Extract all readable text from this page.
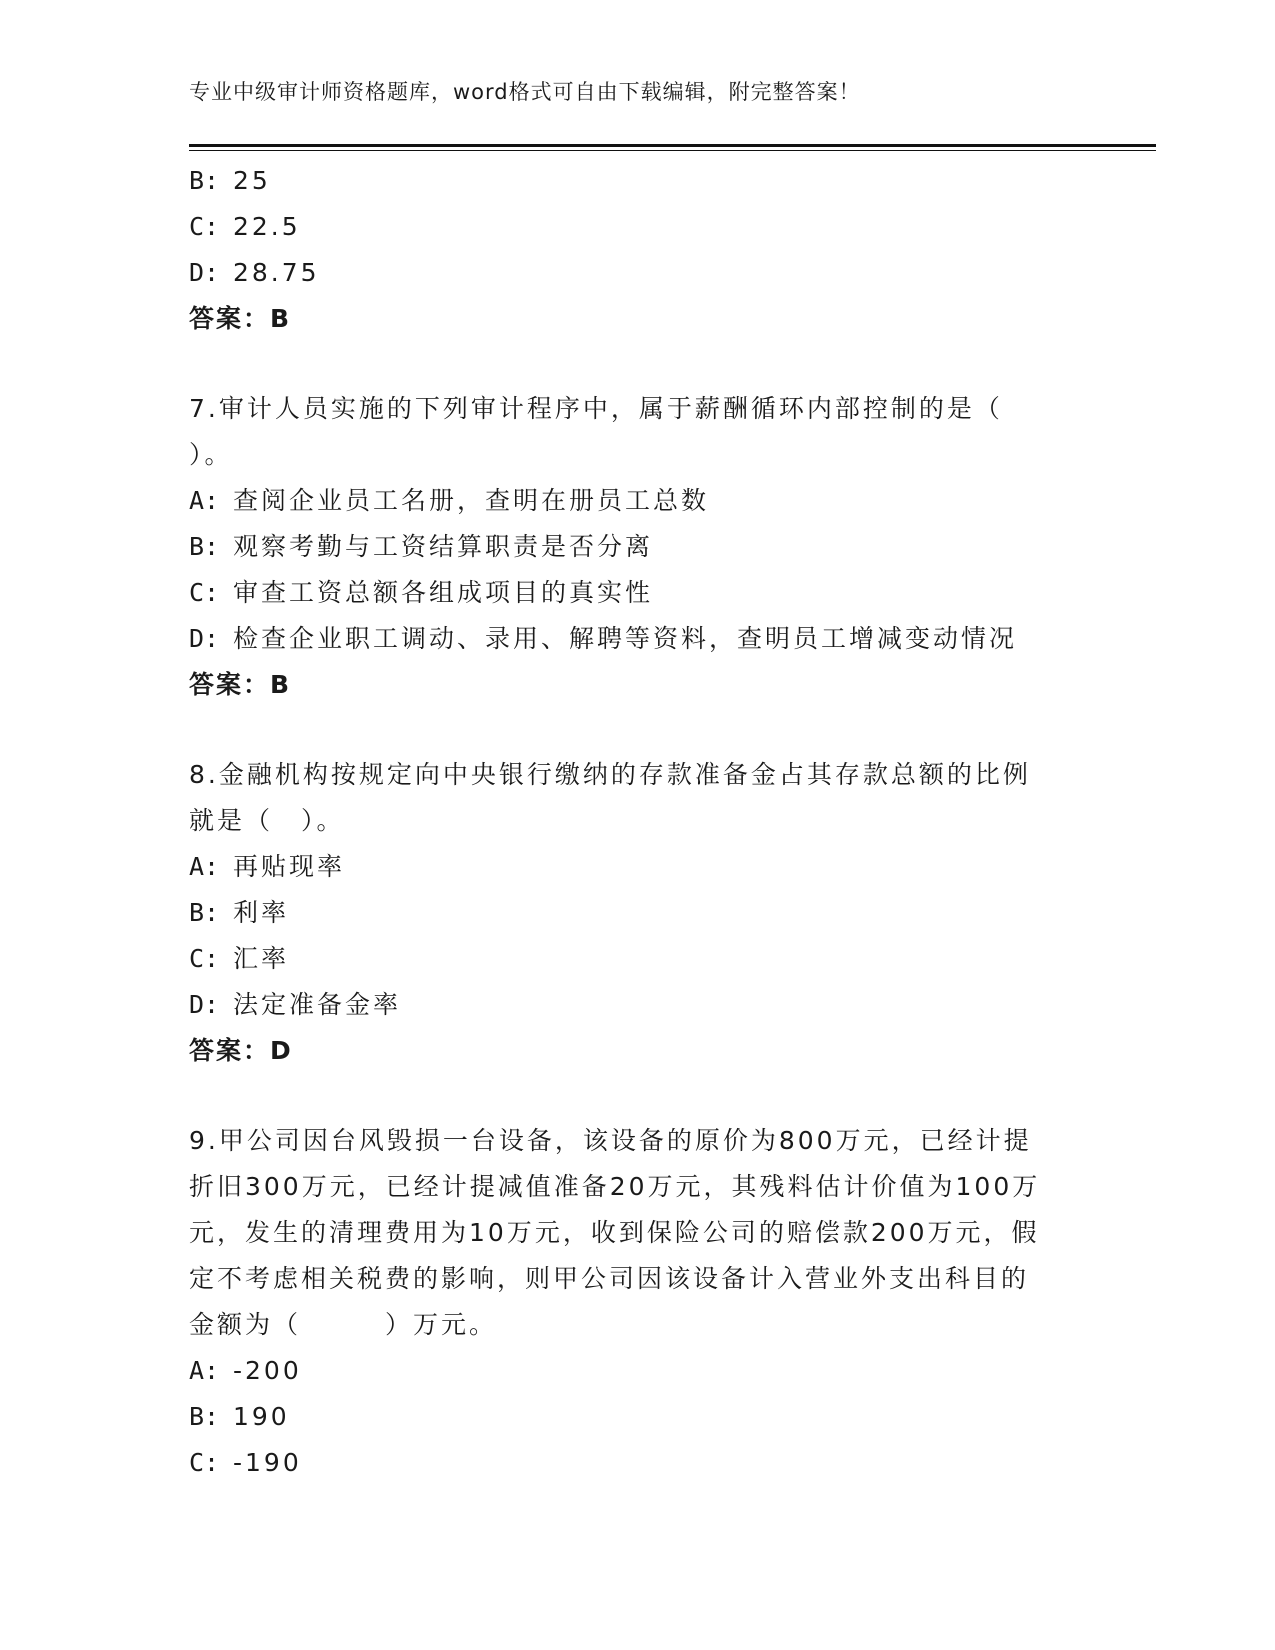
专业中级审计师资格题库，word格式可自由下载编辑，附完整答案！
B: 25
C: 22.5
D: 28.75
答案：B
7.审计人员实施的下列审计程序中，属于薪酬循环内部控制的是（
）。
A: 查阅企业员工名册，查明在册员工总数
B: 观察考勤与工资结算职责是否分离
C: 审查工资总额各组成项目的真实性
D: 检查企业职工调动、录用、解聘等资料，查明员工增减变动情况
答案：B
8.金融机构按规定向中央银行缴纳的存款准备金占其存款总额的比例
就是（　）。
A: 再贴现率
B: 利率
C: 汇率
D: 法定准备金率
答案：D
9.甲公司因台风毁损一台设备，该设备的原价为800万元，已经计提
折旧300万元，已经计提减值准备20万元，其残料估计价值为100万
元，发生的清理费用为10万元，收到保险公司的赔偿款200万元，假
定不考虑相关税费的影响，则甲公司因该设备计入营业外支出科目的
金额为（　　　）万元。
A: -200
B: 190
C: -190
